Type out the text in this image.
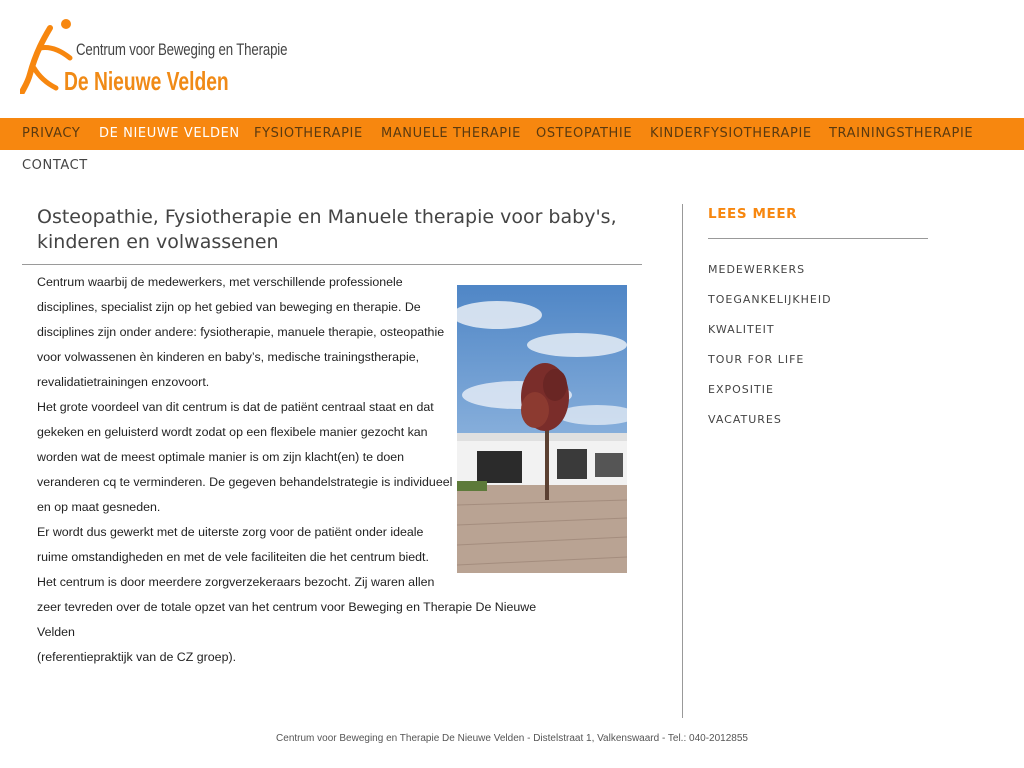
Centrum voor Beweging en Therapie
De Nieuwe Velden
PRIVACY DE NIEUWE VELDEN FYSIOTHERAPIE MANUELE THERAPIE OSTEOPATHIE KINDERFYSIOTHERAPIE TRAININGSTHERAPIE
CONTACT
Osteopathie, Fysiotherapie en Manuele therapie voor baby's, kinderen en volwassenen

Centrum waarbij de medewerkers, met verschillende professionele

disciplines, specialist zijn op het gebied van beweging en therapie. De

disciplines zijn onder andere: fysiotherapie, manuele therapie, osteopathie

voor volwassenen èn kinderen en baby’s, medische trainingstherapie,

revalidatietrainingen enzovoort.

Het grote voordeel van dit centrum is dat de patiënt centraal staat en dat

gekeken en geluisterd wordt zodat op een flexibele manier gezocht kan

worden wat de meest optimale manier is om zijn klacht(en) te doen

veranderen cq te verminderen. De gegeven behandelstrategie is individueel

en op maat gesneden.

Er wordt dus gewerkt met de uiterste zorg voor de patiënt onder ideale

ruime omstandigheden en met de vele faciliteiten die het centrum biedt.

Het centrum is door meerdere zorgverzekeraars bezocht. Zij waren allen

zeer tevreden over de totale opzet van het centrum voor Beweging en Therapie De Nieuwe Velden

(referentiepraktijk van de CZ groep).

LEES MEER
MEDEWERKERS
TOEGANKELIJKHEID
KWALITEIT
TOUR FOR LIFE
EXPOSITIE
VACATURES
Centrum voor Beweging en Therapie De Nieuwe Velden - Distelstraat 1, Valkenswaard - Tel.: 040-2012855
